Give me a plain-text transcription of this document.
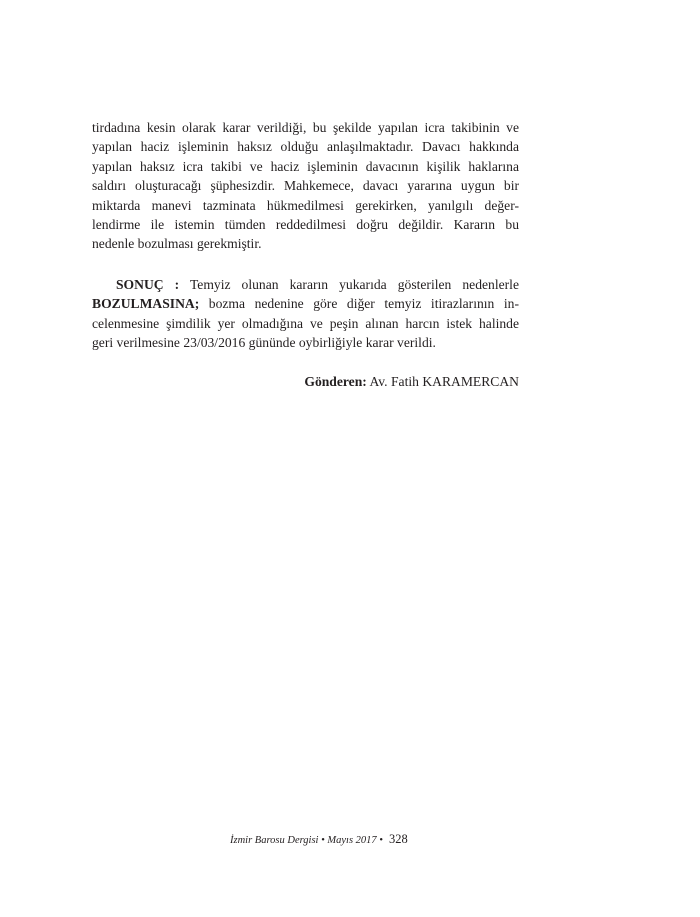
tirdadına kesin olarak karar verildiği, bu şekilde yapılan icra takibinin ve
yapılan haciz işleminin haksız olduğu anlaşılmaktadır. Davacı hakkında
yapılan haksız icra takibi ve haciz işleminin davacının kişilik haklarına
saldırı oluşturacağı şüphesizdir. Mahkemece, davacı yararına uygun bir
miktarda manevi tazminata hükmedilmesi gerekirken, yanılgılı değer-
lendirme ile istemin tümden reddedilmesi doğru değildir. Kararın bu
nedenle bozulması gerekmiştir.
SONUÇ : Temyiz olunan kararın yukarıda gösterilen nedenlerle
BOZULMASINA; bozma nedenine göre diğer temyiz itirazlarının in-
celenmesine şimdilik yer olmadığına ve peşin alınan harcın istek halinde
geri verilmesine 23/03/2016 gününde oybirliğiyle karar verildi.
Gönderen: Av. Fatih KARAMERCAN
İzmir Barosu Dergisi • Mayıs 2017 • 328
